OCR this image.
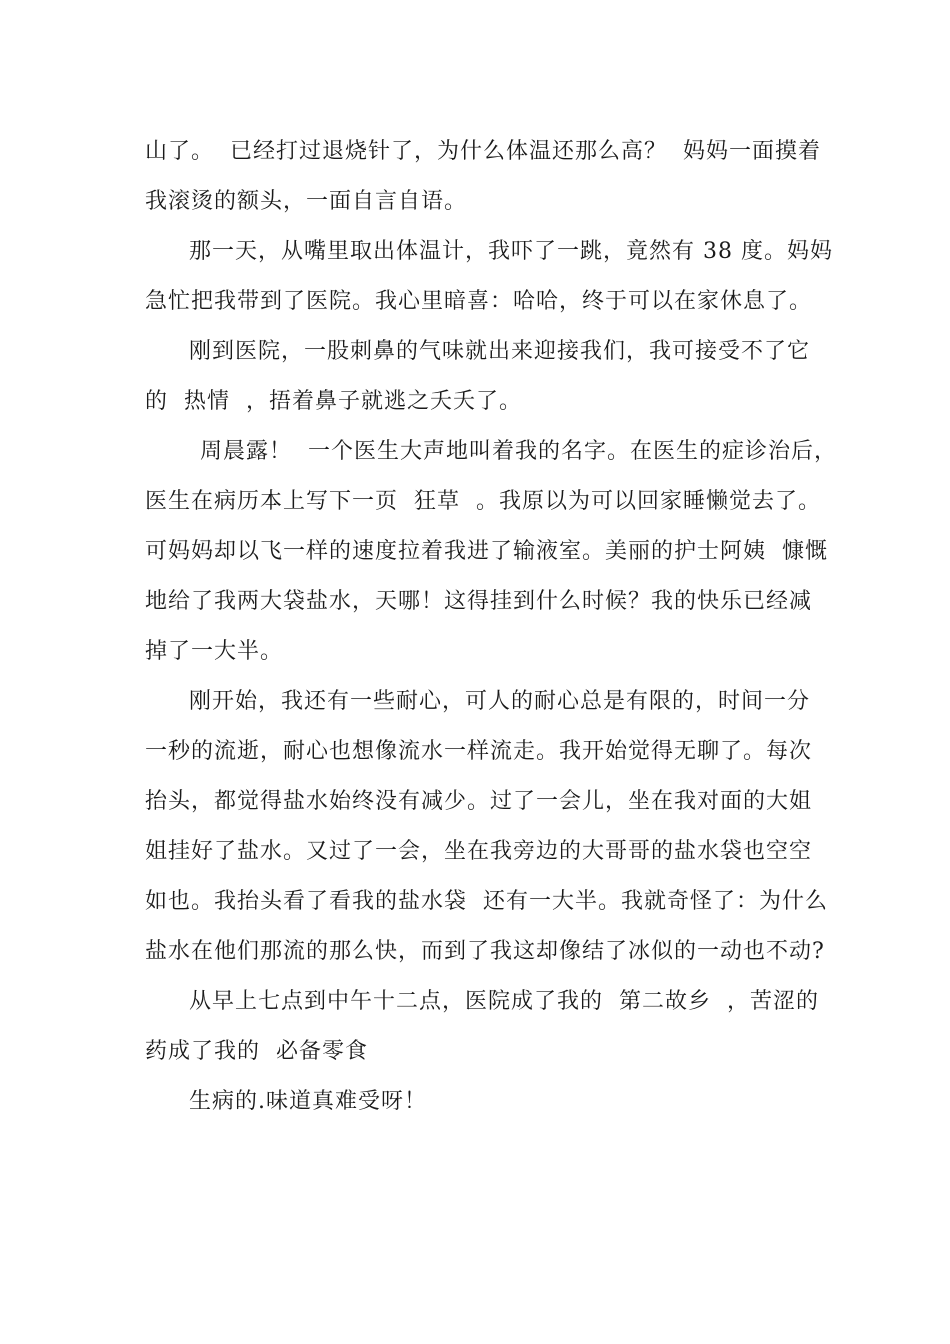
山了。  已经打过退烧针了，为什么体温还那么高？  妈妈一面摸着
我滚烫的额头，一面自言自语。
那一天，从嘴里取出体温计，我吓了一跳，竟然有 38 度。妈妈
急忙把我带到了医院。我心里暗喜：哈哈，终于可以在家休息了。
刚到医院，一股刺鼻的气味就出来迎接我们，我可接受不了它
的  热情  ，捂着鼻子就逃之夭夭了。
周晨露！  一个医生大声地叫着我的名字。在医生的症诊治后，
医生在病历本上写下一页  狂草  。我原以为可以回家睡懒觉去了。
可妈妈却以飞一样的速度拉着我进了输液室。美丽的护士阿姨  慷慨
地给了我两大袋盐水，天哪！这得挂到什么时候？我的快乐已经减
掉了一大半。
刚开始，我还有一些耐心，可人的耐心总是有限的，时间一分
一秒的流逝，耐心也想像流水一样流走。我开始觉得无聊了。每次
抬头，都觉得盐水始终没有减少。过了一会儿，坐在我对面的大姐
姐挂好了盐水。又过了一会，坐在我旁边的大哥哥的盐水袋也空空
如也。我抬头看了看我的盐水袋  还有一大半。我就奇怪了：为什么
盐水在他们那流的那么快，而到了我这却像结了冰似的一动也不动?
从早上七点到中午十二点，医院成了我的  第二故乡  ，苦涩的
药成了我的  必备零食
生病的.味道真难受呀！
